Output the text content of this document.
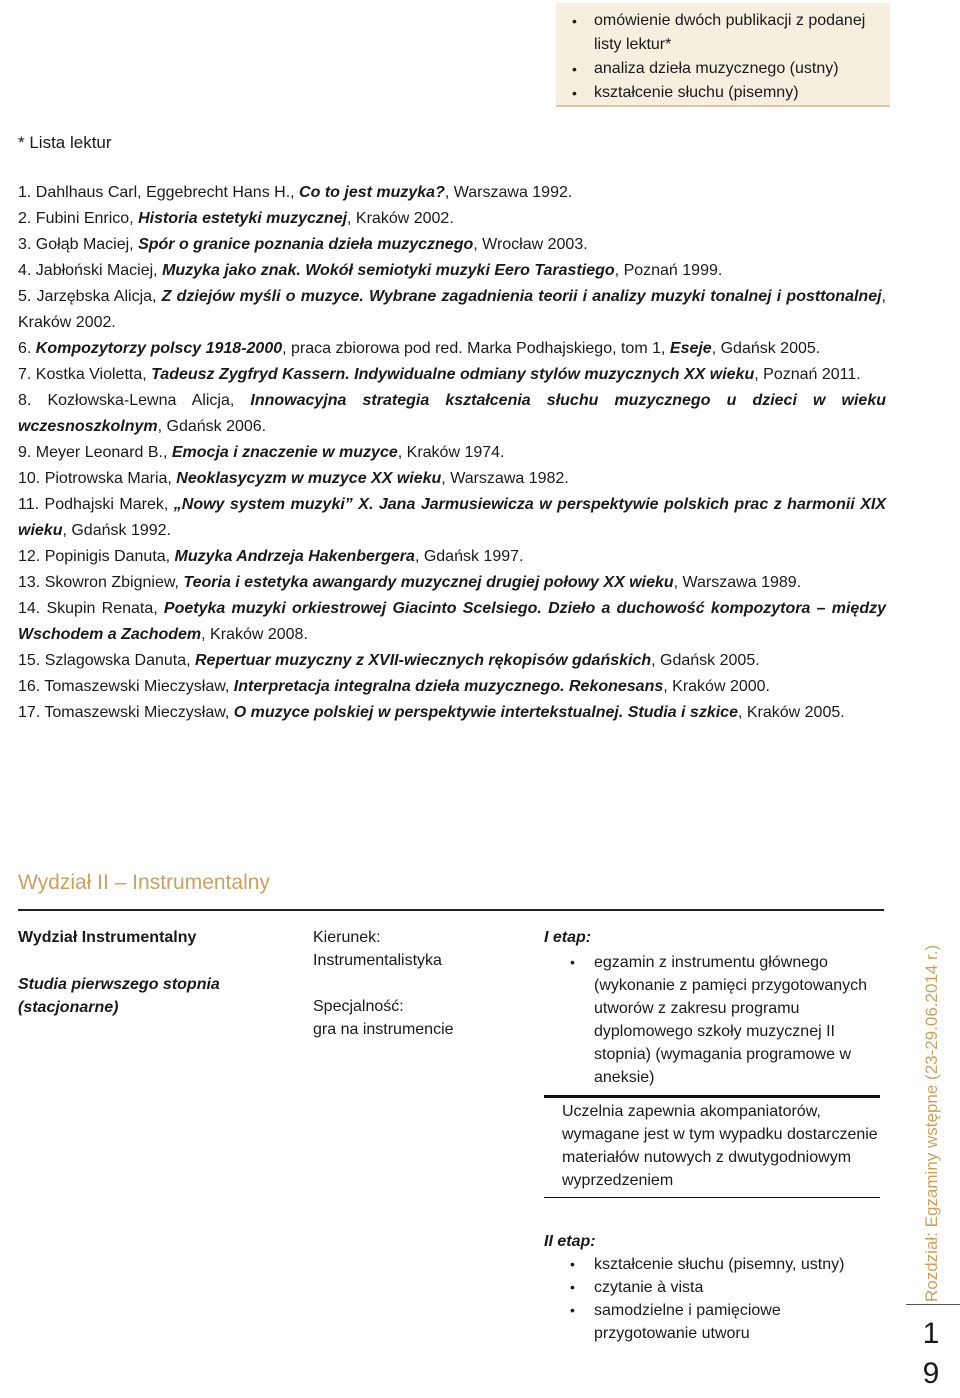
• omówienie dwóch publikacji z podanej listy lektur*
• analiza dzieła muzycznego (ustny)
• kształcenie słuchu (pisemny)
* Lista lektur
1. Dahlhaus Carl, Eggebrecht Hans H., Co to jest muzyka?, Warszawa 1992.
2. Fubini Enrico, Historia estetyki muzycznej, Kraków 2002.
3. Gołąb Maciej, Spór o granice poznania dzieła muzycznego, Wrocław 2003.
4. Jabłoński Maciej, Muzyka jako znak. Wokół semiotyki muzyki Eero Tarastiego, Poznań 1999.
5. Jarzębska Alicja, Z dziejów myśli o muzyce. Wybrane zagadnienia teorii i analizy muzyki tonalnej i posttonalnej, Kraków 2002.
6. Kompozytorzy polscy 1918-2000, praca zbiorowa pod red. Marka Podhajskiego, tom 1, Eseje, Gdańsk 2005.
7. Kostka Violetta, Tadeusz Zygfryd Kassern. Indywidualne odmiany stylów muzycznych XX wieku, Poznań 2011.
8. Kozłowska-Lewna Alicja, Innowacyjna strategia kształcenia słuchu muzycznego u dzieci w wieku wczesnoszkolnym, Gdańsk 2006.
9. Meyer Leonard B., Emocja i znaczenie w muzyce, Kraków 1974.
10. Piotrowska Maria, Neoklasycyzm w muzyce XX wieku, Warszawa 1982.
11. Podhajski Marek, „Nowy system muzyki” X. Jana Jarmusiewicza w perspektywie polskich prac z harmonii XIX wieku, Gdańsk 1992.
12. Popinigis Danuta, Muzyka Andrzeja Hakenbergera, Gdańsk 1997.
13. Skowron Zbigniew, Teoria i estetyka awangardy muzycznej drugiej połowy XX wieku, Warszawa 1989.
14. Skupin Renata, Poetyka muzyki orkiestrowej Giacinto Scelsiego. Dzieło a duchowość kompozytora – między Wschodem a Zachodem, Kraków 2008.
15. Szlagowska Danuta, Repertuar muzyczny z XVII-wiecznych rękopisów gdańskich, Gdańsk 2005.
16. Tomaszewski Mieczysław, Interpretacja integralna dzieła muzycznego. Rekonesans, Kraków 2000.
17. Tomaszewski Mieczysław, O muzyce polskiej w perspektywie intertekstualnej. Studia i szkice, Kraków 2005.
Wydział II – Instrumentalny
Wydział Instrumentalny
Studia pierwszego stopnia (stacjonarne)
Kierunek:
Instrumentalistyka
Specjalność:
gra na instrumencie
I etap:
• egzamin z instrumentu głównego (wykonanie z pamięci przygotowanych utworów z zakresu programu dyplomowego szkoły muzycznej II stopnia) (wymagania programowe w aneksie)
Uczelnia zapewnia akompaniatorów, wymagane jest w tym wypadku dostarczenie materiałów nutowych z dwutygodniowym wyprzedzeniem
II etap:
• kształcenie słuchu (pisemny, ustny)
• czytanie à vista
• samodzielne i pamięciowe przygotowanie utworu
Rozdział: Egzaminy wstępne (23-29.06.2014 r.)
1
9
